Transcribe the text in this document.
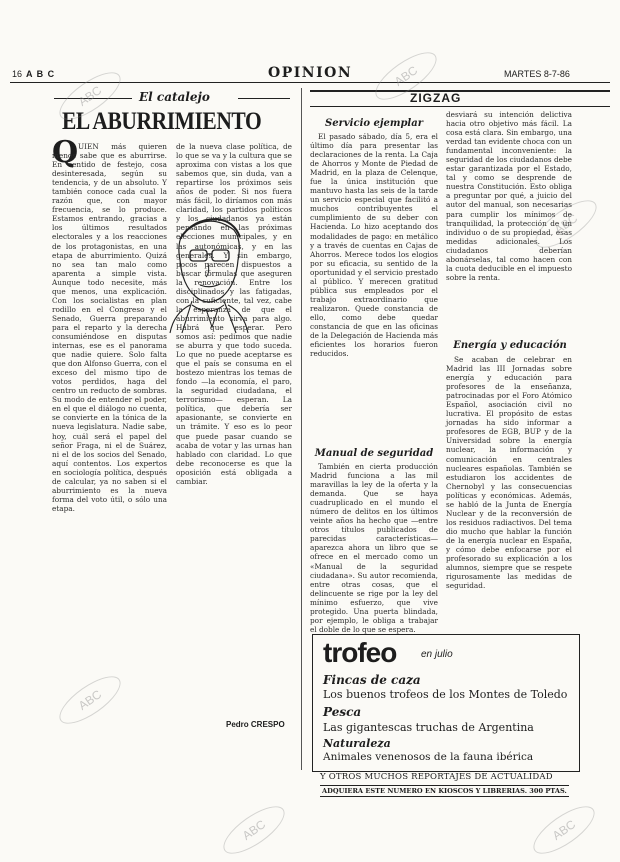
16 A B C	OPINION	MARTES 8-7-86
El catalejo
EL ABURRIMIENTO
Q UIEN más quieren menos sabe que es aburrirse. En sentido de festejo, cosa desinteresada, según su tendencia, y de un absoluto. Y también conoce cada cual la razón que, con mayor frecuencia, se lo produce. Estamos entrando, gracias a los últimos resultados electorales y a los reacciones de los protagonistas, en una etapa de aburrimiento. Quizá no sea tan malo como aparenta a simple vista. Aunque todo necesite, más que menos, una explicación. Con los socialistas en plan rodillo en el Congreso y el Senado, Guerra preparando para el reparto y la derecha consumiéndose en disputas internas, ese es el panorama que nadie quiere. Solo falta que don Alfonso Guerra, con el exceso del mismo tipo de votos perdidos, haga del centro un reducto de sombras. Su modo de entender el poder, en el que el diálogo no cuenta, se convierte en la tónica de la nueva legislatura. Nadie sabe, hoy, cuál será el papel del señor Fraga, ni el de Suárez, ni el de los socios del Senado, aquí contentos. Los expertos en sociología política, después de calcular, ya no saben si el aburrimiento es la nueva forma del voto útil, o sólo una etapa.

de la nueva clase política, de lo que se va y la cultura que se aproxima con vistas a los que sabemos que, sin duda, van a repartirse los próximos seis años de poder. Si nos fuera más fácil, lo diríamos con más claridad, los partidos políticos y los ciudadanos ya están pensando en las próximas elecciones municipales, y en las autonómicas, y en las generales. Y sin embargo, pocos parecen dispuestos a buscar fórmulas que aseguren la renovación. Entre los disciplinados y las fatigadas, con la suficiente, tal vez, cabe la esperanza de que el aburrimiento sirva para algo. Habrá que esperar. Pero somos así: pedimos que nadie se aburra y que todo suceda. Lo que no puede aceptarse es que el país se consuma en el bostezo mientras los temas de fondo —la economía, el paro, la seguridad ciudadana, el terrorismo— esperan. La política, que debería ser apasionante, se convierte en un trámite. Y eso es lo peor que puede pasar cuando se acaba de votar y las urnas han hablado con claridad. Lo que debe reconocerse es que la oposición está obligada a cambiar.

Pedro CRESPO
ZIGZAG
Servicio ejemplar

El pasado sábado, día 5, era el último día para presentar las declaraciones de la renta. La Caja de Ahorros y Monte de Piedad de Madrid, en la plaza de Celenque, fue la única institución que mantuvo hasta las seis de la tarde un servicio especial que facilitó a muchos contribuyentes el cumplimiento de su deber con Hacienda. Lo hizo aceptando dos modalidades de pago: en metálico y a través de cuentas en Cajas de Ahorros. Merece todos los elogios por su eficacia, su sentido de la oportunidad y el servicio prestado al público. Y merecen gratitud pública sus empleados por el trabajo extraordinario que realizaron. Quede constancia de ello, como debe quedar constancia de que en las oficinas de la Delegación de Hacienda más eficientes los horarios fueron reducidos.

Manual de seguridad

También en cierta producción Madrid funciona a las mil maravillas la ley de la oferta y la demanda. Que se haya cuadruplicado en el mundo el número de delitos en los últimos veinte años ha hecho que —entre otros títulos publicados de parecidas características— aparezca ahora un libro que se ofrece en el mercado como un «Manual de la seguridad ciudadana». Su autor recomienda, entre otras cosas, que el delincuente se rige por la ley del mínimo esfuerzo, que vive protegido. Una puerta blindada, por ejemplo, le obliga a trabajar el doble de lo que se espera.

desviará su intención delictiva hacia otro objetivo más fácil. La cosa está clara. Sin embargo, una verdad tan evidente choca con un fundamental inconveniente: la seguridad de los ciudadanos debe estar garantizada por el Estado, tal y como se desprende de nuestra Constitución. Esto obliga a preguntar por qué, a juicio del autor del manual, son necesarias para cumplir los mínimos de tranquilidad, la protección de un individuo o de su propiedad, esas medidas adicionales. Los ciudadanos deberían abonárselas, tal como hacen con la cuota deducible en el impuesto sobre la renta.

Energía y educación

Se acaban de celebrar en Madrid las III Jornadas sobre energía y educación para profesores de la enseñanza, patrocinadas por el Foro Atómico Español, asociación civil no lucrativa. El propósito de estas jornadas ha sido informar a profesores de EGB, BUP y de la Universidad sobre la energía nuclear, la información y comunicación en centrales nucleares españolas. También se estudiaron los accidentes de Chernobyl y las consecuencias políticas y económicas. Además, se habló de la Junta de Energía Nuclear y de la reconversión de los residuos radiactivos. Del tema dio mucho que hablar la función de la energía nuclear en España, y cómo debe enfocarse por el profesorado su explicación a los alumnos, siempre que se respete rigurosamente las medidas de seguridad.

trofeo en julio
Fincas de caza
Los buenos trofeos de los Montes de Toledo
Pesca
Las gigantescas truchas de Argentina
Naturaleza
Animales venenosos de la fauna ibérica
Y OTROS MUCHOS REPORTAJES DE ACTUALIDAD
ADQUIERA ESTE NUMERO EN KIOSCOS Y LIBRERIAS. 300 PTAS.
ABC
ABC
ABC
ABC
ABC	ABC
